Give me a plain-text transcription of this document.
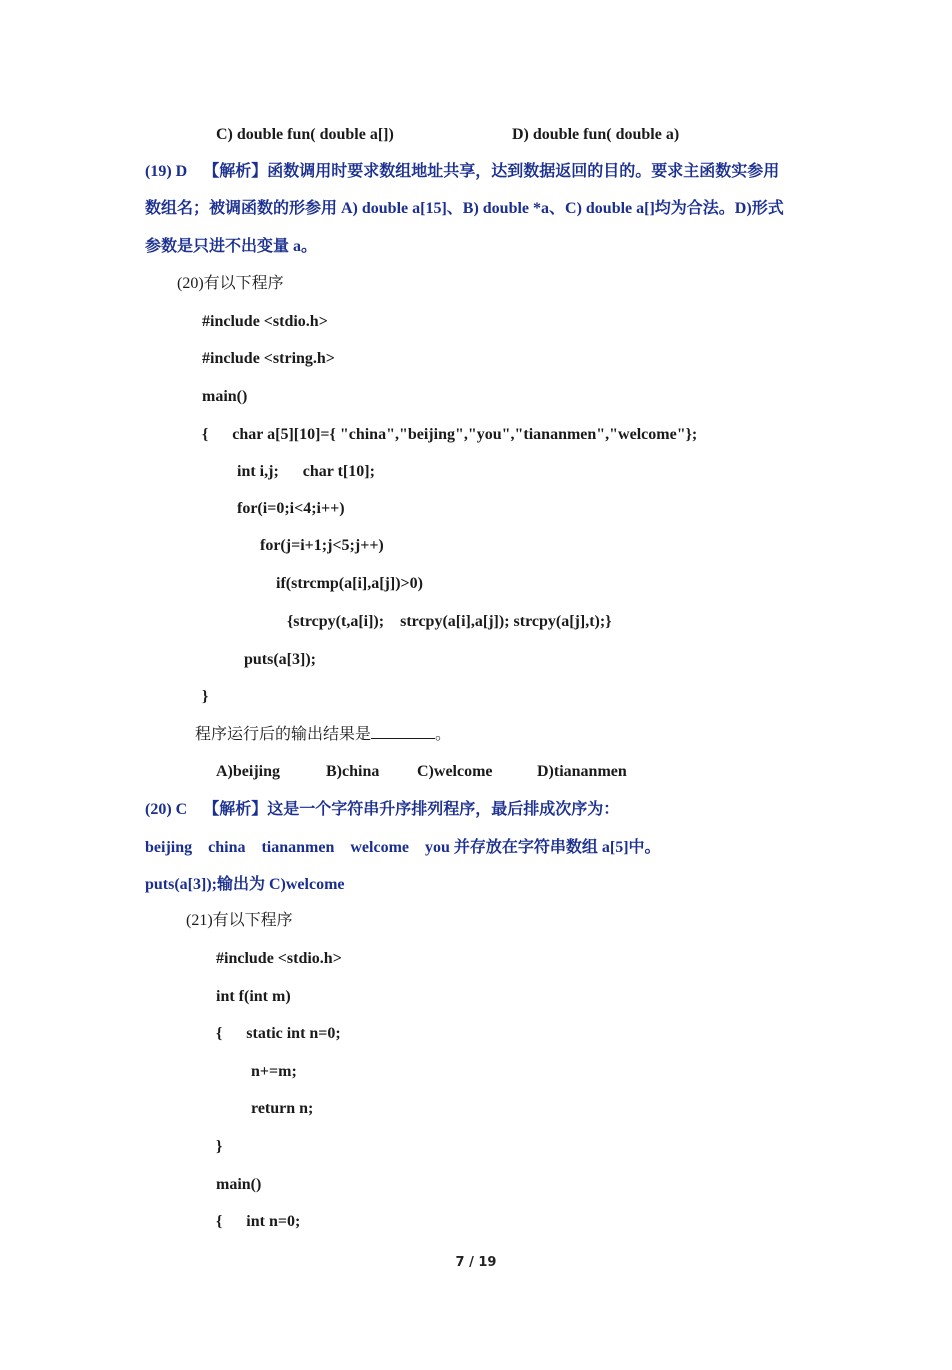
C) double fun( double a[])	D) double fun( double a)
(19) D    【解析】函数调用时要求数组地址共享，达到数据返回的目的。要求主函数实参用
数组名；被调函数的形参用 A) double a[15]、B) double *a、C) double a[]均为合法。D)形式
参数是只进不出变量 a。
(20)有以下程序
#include <stdio.h>
#include <string.h>
main()
{      char a[5][10]={ "china","beijing","you","tiananmen","welcome"};
int i,j;      char t[10];
for(i=0;i<4;i++)
for(j=i+1;j<5;j++)
if(strcmp(a[i],a[j])>0)
{strcpy(t,a[i]);    strcpy(a[i],a[j]); strcpy(a[j],t);}
puts(a[3]);
}
程序运行后的输出结果是	。
A)beijing	B)china C)welcome	D)tiananmen
(20) C    【解析】这是一个字符串升序排列程序，最后排成次序为：
beijing    china    tiananmen    welcome    you 并存放在字符串数组 a[5]中。
puts(a[3]);输出为 C)welcome
(21)有以下程序
#include <stdio.h>
int f(int m)
{      static int n=0;
n+=m;
return n;
}
main()
{      int n=0;
7 / 19
